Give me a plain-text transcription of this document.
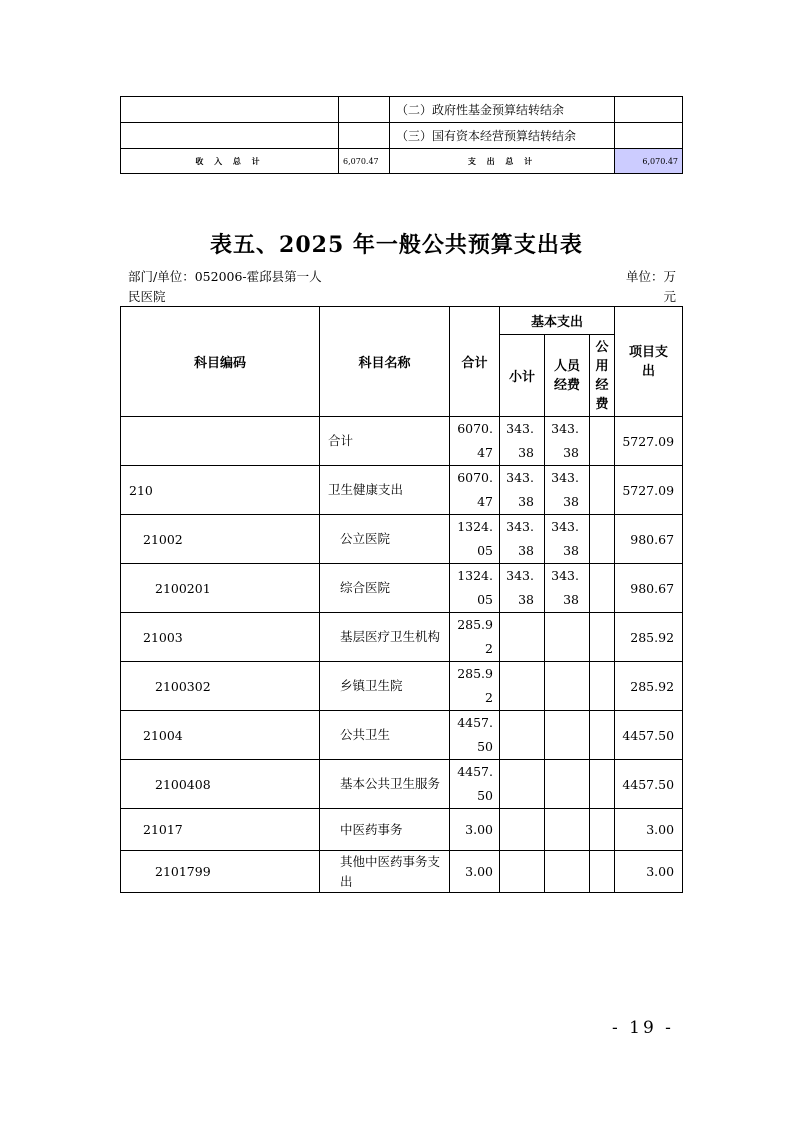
		（二）政府性基金预算结转结余	
		（三）国有资本经营预算结转结余	
收 入 总 计	6,070.47	支 出 总 计	6,070.47
表五、2025 年一般公共预算支出表
部门/单位：052006-霍邱县第一人民医院
单位：万元
科目编码	科目名称	合计	基本支出			项目支出
			小计	人员经费	公用经费	
	合计	6070.47	343.38	343.38		5727.09
210	卫生健康支出	6070.47	343.38	343.38		5727.09
21002	公立医院	1324.05	343.38	343.38		980.67
2100201	综合医院	1324.05	343.38	343.38		980.67
21003	基层医疗卫生机构	285.92				285.92
2100302	乡镇卫生院	285.92				285.92
21004	公共卫生	4457.50				4457.50
2100408	基本公共卫生服务	4457.50				4457.50
21017	中医药事务	3.00				3.00
2101799	其他中医药事务支出	3.00				3.00
- 19 -
